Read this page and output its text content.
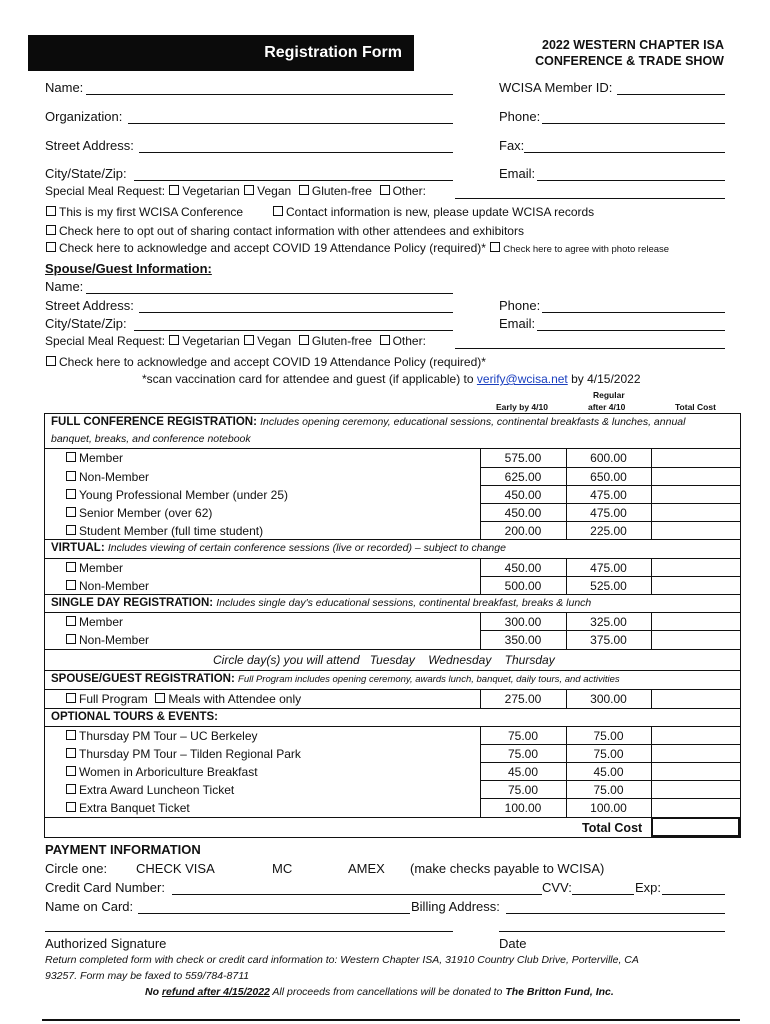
Registration Form	2022 WESTERN CHAPTER ISA
CONFERENCE & TRADE SHOW
Name:	WCISA Member ID:
Organization:	Phone:
Street Address:	Fax:
City/State/Zip:	Email:
Special Meal Request: Vegetarian Vegan Gluten-free Other:
This is my first WCISA Conference	Contact information is new, please update WCISA records
Check here to opt out of sharing contact information with other attendees and exhibitors
Check here to acknowledge and accept COVID 19 Attendance Policy (required)* Check here to agree with photo release
Spouse/Guest Information:
Name:
Street Address:	Phone:
City/State/Zip:	Email:
Special Meal Request: Vegetarian Vegan Gluten-free Other:
Check here to acknowledge and accept COVID 19 Attendance Policy (required)*
*scan vaccination card for attendee and guest (if applicable) to verify@wcisa.net by 4/15/2022
Early by 4/10
Regular
after 4/10	Total Cost
FULL CONFERENCE REGISTRATION: Includes opening ceremony, educational sessions, continental breakfasts & lunches, annual
banquet, breaks, and conference notebook
Member	575.00	600.00
Non-Member	625.00	650.00
Young Professional Member (under 25)	450.00	475.00
Senior Member (over 62)	450.00	475.00
Student Member (full time student)	200.00	225.00
VIRTUAL: Includes viewing of certain conference sessions (live or recorded) – subject to change
Member	450.00	475.00
Non-Member	500.00	525.00
SINGLE DAY REGISTRATION: Includes single day's educational sessions, continental breakfast, breaks & lunch
Member	300.00	325.00
Non-Member	350.00	375.00
Circle day(s) you will attend   Tuesday    Wednesday    Thursday
SPOUSE/GUEST REGISTRATION: Full Program includes opening ceremony, awards lunch, banquet, daily tours, and activities
Full Program Meals with Attendee only	275.00	300.00
OPTIONAL TOURS & EVENTS:
Thursday PM Tour – UC Berkeley	75.00	75.00
Thursday PM Tour – Tilden Regional Park	75.00	75.00
Women in Arboriculture Breakfast	45.00	45.00
Extra Award Luncheon Ticket	75.00	75.00
Extra Banquet Ticket	100.00	100.00
Total Cost
PAYMENT INFORMATION
Circle one: CHECK VISA	MC	AMEX (make checks payable to WCISA)
Credit Card Number:	CVV:	Exp:
Name on Card:	Billing Address:
Authorized Signature	Date
Return completed form with check or credit card information to: Western Chapter ISA, 31910 Country Club Drive, Porterville, CA
93257. Form may be faxed to 559/784-8711
No refund after 4/15/2022 All proceeds from cancellations will be donated to The Britton Fund, Inc.
